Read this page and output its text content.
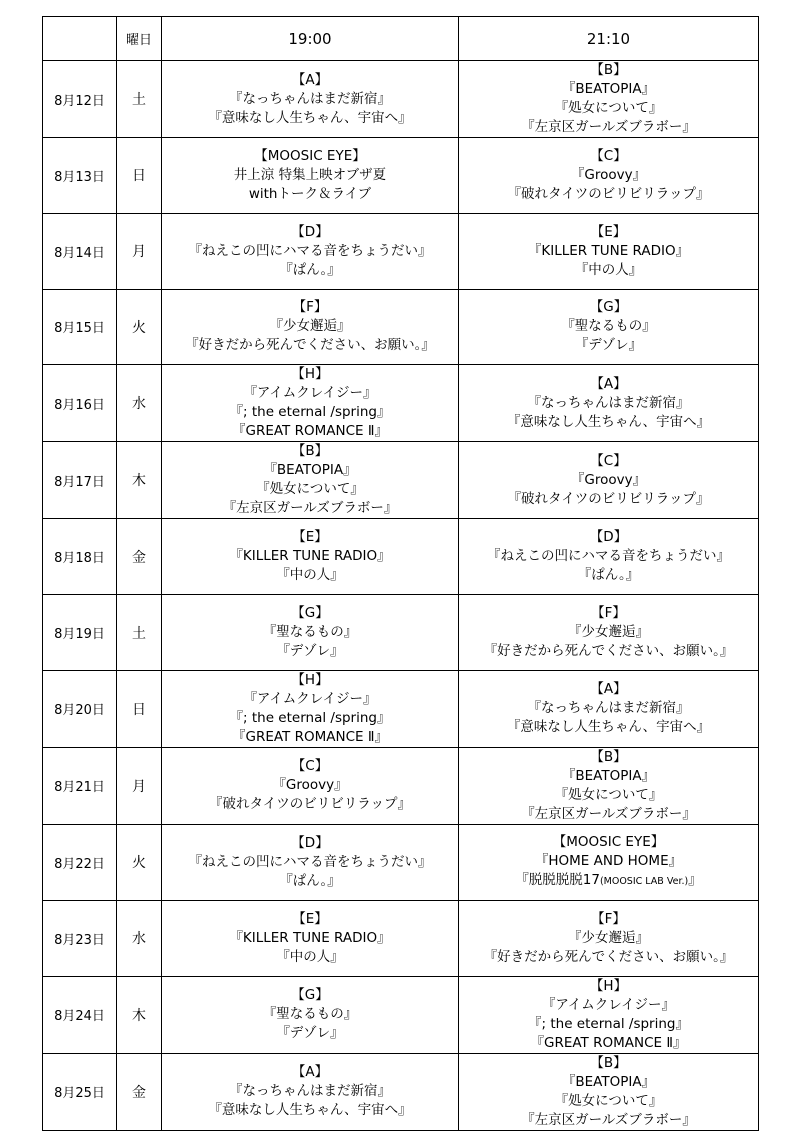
	曜日	19:00	21:10
8月12日	土	【A】
『なっちゃんはまだ新宿』
『意味なし人生ちゃん、宇宙へ』	【B】
『BEATOPIA』
『処女について』
『左京区ガールズブラボー』

8月13日	日	【MOOSIC EYE】
井上涼 特集上映オブザ夏
withトーク＆ライブ	【C】
『Groovy』
『破れタイツのビリビリラップ』

8月14日	月	【D】
『ねえこの凹にハマる音をちょうだい』
『ぱん。』	【E】
『KILLER TUNE RADIO』
『中の人』

8月15日	火	【F】
『少女邂逅』
『好きだから死んでください、お願い。』	【G】
『聖なるもの』
『デゾレ』

8月16日	水	【H】
『アイムクレイジー』
『; the eternal /spring』
『GREAT ROMANCE Ⅱ』	【A】
『なっちゃんはまだ新宿』
『意味なし人生ちゃん、宇宙へ』

8月17日	木	【B】
『BEATOPIA』
『処女について』
『左京区ガールズブラボー』	【C】
『Groovy』
『破れタイツのビリビリラップ』

8月18日	金	【E】
『KILLER TUNE RADIO』
『中の人』	【D】
『ねえこの凹にハマる音をちょうだい』
『ぱん。』

8月19日	土	【G】
『聖なるもの』
『デゾレ』	【F】
『少女邂逅』
『好きだから死んでください、お願い。』

8月20日	日	【H】
『アイムクレイジー』
『; the eternal /spring』
『GREAT ROMANCE Ⅱ』	【A】
『なっちゃんはまだ新宿』
『意味なし人生ちゃん、宇宙へ』

8月21日	月	【C】
『Groovy』
『破れタイツのビリビリラップ』	【B】
『BEATOPIA』
『処女について』
『左京区ガールズブラボー』

8月22日	火	【D】
『ねえこの凹にハマる音をちょうだい』
『ぱん。』	【MOOSIC EYE】
『HOME AND HOME』
『脱脱脱脱17(MOOSIC LAB Ver.)』

8月23日	水	【E】
『KILLER TUNE RADIO』
『中の人』	【F】
『少女邂逅』
『好きだから死んでください、お願い。』

8月24日	木	【G】
『聖なるもの』
『デゾレ』	【H】
『アイムクレイジー』
『; the eternal /spring』
『GREAT ROMANCE Ⅱ』

8月25日	金	【A】
『なっちゃんはまだ新宿』
『意味なし人生ちゃん、宇宙へ』	【B】
『BEATOPIA』
『処女について』
『左京区ガールズブラボー』
